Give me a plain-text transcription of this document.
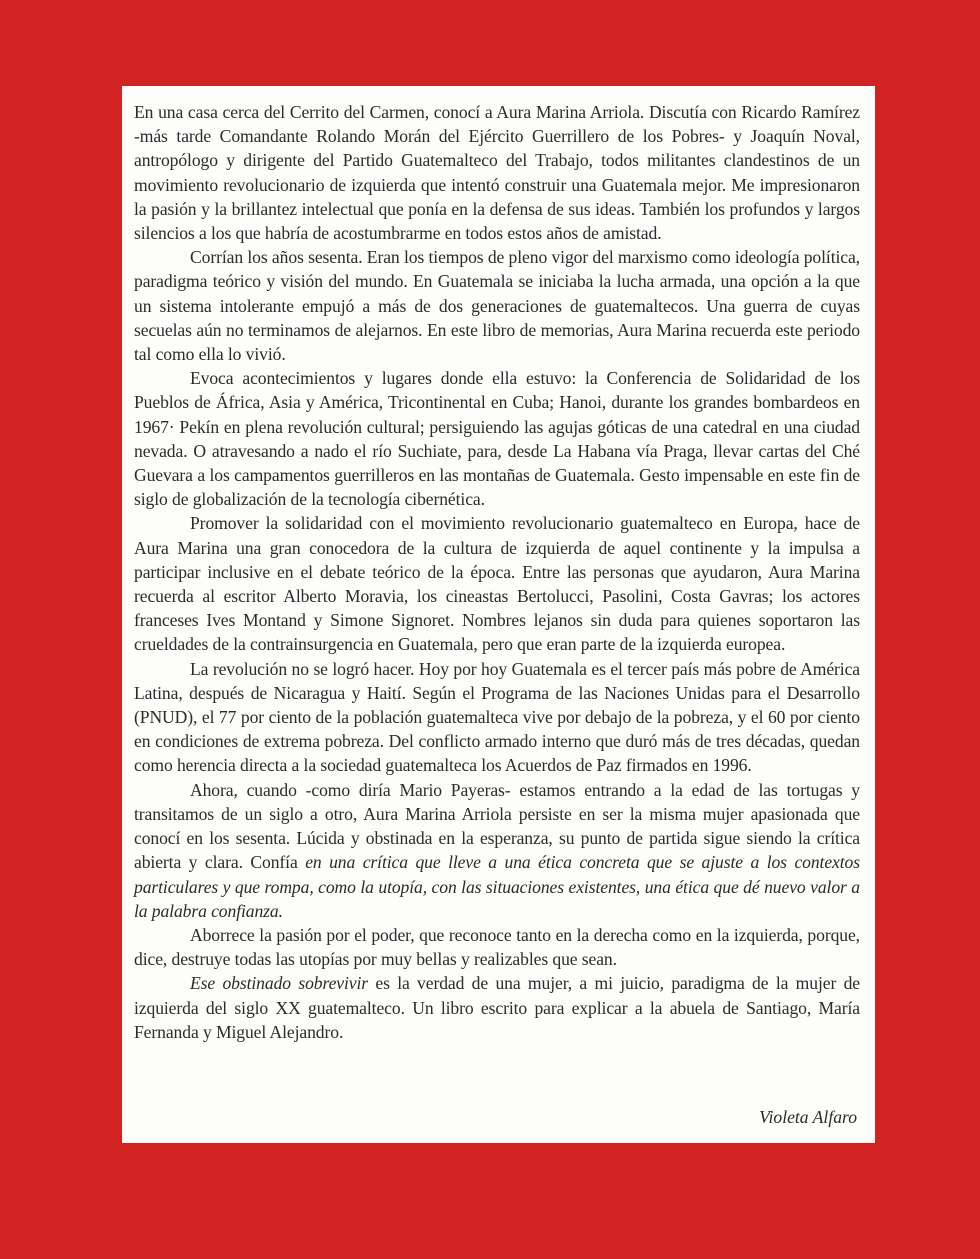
En una casa cerca del Cerrito del Carmen, conocí a Aura Marina Arriola. Discutía con Ricardo Ramírez -más tarde Comandante Rolando Morán del Ejército Guerrillero de los Pobres- y Joaquín Noval, antropólogo y dirigente del Partido Guatemalteco del Trabajo, todos militantes clandestinos de un movimiento revolucionario de izquierda que intentó construir una Guatemala mejor. Me impresionaron la pasión y la brillantez intelectual que ponía en la defensa de sus ideas. También los profundos y largos silencios a los que habría de acostumbrarme en todos estos años de amistad.

Corrían los años sesenta. Eran los tiempos de pleno vigor del marxismo como ideología política, paradigma teórico y visión del mundo. En Guatemala se iniciaba la lucha armada, una opción a la que un sistema intolerante empujó a más de dos generaciones de guatemaltecos. Una guerra de cuyas secuelas aún no terminamos de alejarnos. En este libro de memorias, Aura Marina recuerda este periodo tal como ella lo vivió.

Evoca acontecimientos y lugares donde ella estuvo: la Conferencia de Solidaridad de los Pueblos de África, Asia y América, Tricontinental en Cuba; Hanoi, durante los grandes bombardeos en 1967· Pekín en plena revolución cultural; persiguiendo las agujas góticas de una catedral en una ciudad nevada. O atravesando a nado el río Suchiate, para, desde La Habana vía Praga, llevar cartas del Ché Guevara a los campamentos guerrilleros en las montañas de Guatemala. Gesto impensable en este fin de siglo de globalización de la tecnología cibernética.

Promover la solidaridad con el movimiento revolucionario guatemalteco en Europa, hace de Aura Marina una gran conocedora de la cultura de izquierda de aquel continente y la impulsa a participar inclusive en el debate teórico de la época. Entre las personas que ayudaron, Aura Marina recuerda al escritor Alberto Moravia, los cineastas Bertolucci, Pasolini, Costa Gavras; los actores franceses Ives Montand y Simone Signoret. Nombres lejanos sin duda para quienes soportaron las crueldades de la contrainsurgencia en Guatemala, pero que eran parte de la izquierda europea.

La revolución no se logró hacer. Hoy por hoy Guatemala es el tercer país más pobre de América Latina, después de Nicaragua y Haití. Según el Programa de las Naciones Unidas para el Desarrollo (PNUD), el 77 por ciento de la población guatemalteca vive por debajo de la pobreza, y el 60 por ciento en condiciones de extrema pobreza. Del conflicto armado interno que duró más de tres décadas, quedan como herencia directa a la sociedad guatemalteca los Acuerdos de Paz firmados en 1996.

Ahora, cuando -como diría Mario Payeras- estamos entrando a la edad de las tortugas y transitamos de un siglo a otro, Aura Marina Arriola persiste en ser la misma mujer apasionada que conocí en los sesenta. Lúcida y obstinada en la esperanza, su punto de partida sigue siendo la crítica abierta y clara. Confía en una crítica que lleve a una ética concreta que se ajuste a los contextos particulares y que rompa, como la utopía, con las situaciones existentes, una ética que dé nuevo valor a la palabra confianza.

Aborrece la pasión por el poder, que reconoce tanto en la derecha como en la izquierda, porque, dice, destruye todas las utopías por muy bellas y realizables que sean.

Ese obstinado sobrevivir es la verdad de una mujer, a mi juicio, paradigma de la mujer de izquierda del siglo XX guatemalteco. Un libro escrito para explicar a la abuela de Santiago, María Fernanda y Miguel Alejandro.

Violeta Alfaro
